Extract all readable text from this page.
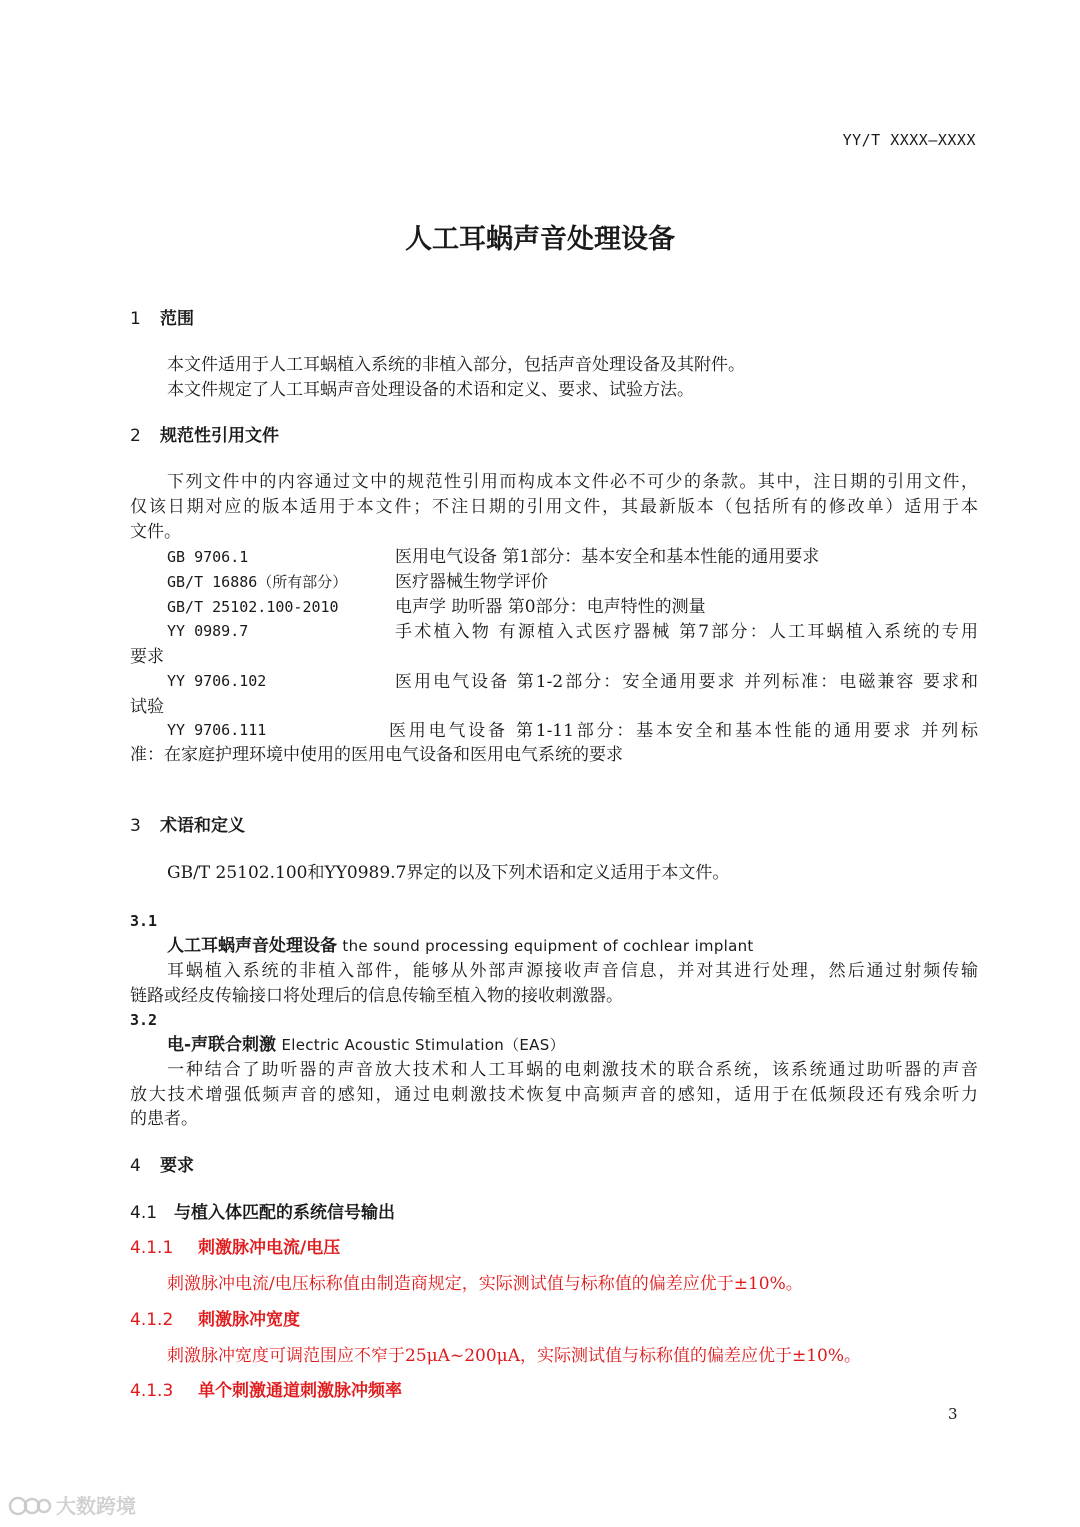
YY/T XXXX—XXXX
人工耳蜗声音处理设备
1 范围
本文件适用于人工耳蜗植入系统的非植入部分，包括声音处理设备及其附件。
本文件规定了人工耳蜗声音处理设备的术语和定义、要求、试验方法。
2 规范性引用文件
下列文件中的内容通过文中的规范性引用而构成本文件必不可少的条款。其中，注日期的引用文件，
仅该日期对应的版本适用于本文件；不注日期的引用文件，其最新版本（包括所有的修改单）适用于本
文件。
GB 9706.1	医用电气设备 第1部分：基本安全和基本性能的通用要求
GB/T 16886（所有部分）	医疗器械生物学评价
GB/T 25102.100-2010	电声学 助听器 第0部分：电声特性的测量
YY 0989.7	手术植入物 有源植入式医疗器械 第7部分：人工耳蜗植入系统的专用
要求
YY 9706.102	医用电气设备 第1-2部分：安全通用要求 并列标准：电磁兼容 要求和
试验
YY 9706.111	医用电气设备 第1-11部分：基本安全和基本性能的通用要求 并列标
准：在家庭护理环境中使用的医用电气设备和医用电气系统的要求
3 术语和定义
GB/T 25102.100和YY0989.7界定的以及下列术语和定义适用于本文件。
3.1
人工耳蜗声音处理设备 the sound processing equipment of cochlear implant
耳蜗植入系统的非植入部件，能够从外部声源接收声音信息，并对其进行处理，然后通过射频传输
链路或经皮传输接口将处理后的信息传输至植入物的接收刺激器。
3.2
电-声联合刺激 Electric Acoustic Stimulation（EAS）
一种结合了助听器的声音放大技术和人工耳蜗的电刺激技术的联合系统，该系统通过助听器的声音
放大技术增强低频声音的感知，通过电刺激技术恢复中高频声音的感知，适用于在低频段还有残余听力
的患者。
4 要求
4.1 与植入体匹配的系统信号输出
4.1.1 刺激脉冲电流/电压
刺激脉冲电流/电压标称值由制造商规定，实际测试值与标称值的偏差应优于±10%。
4.1.2 刺激脉冲宽度
刺激脉冲宽度可调范围应不窄于25μA~200μA，实际测试值与标称值的偏差应优于±10%。
4.1.3 单个刺激通道刺激脉冲频率
3
大数跨境
